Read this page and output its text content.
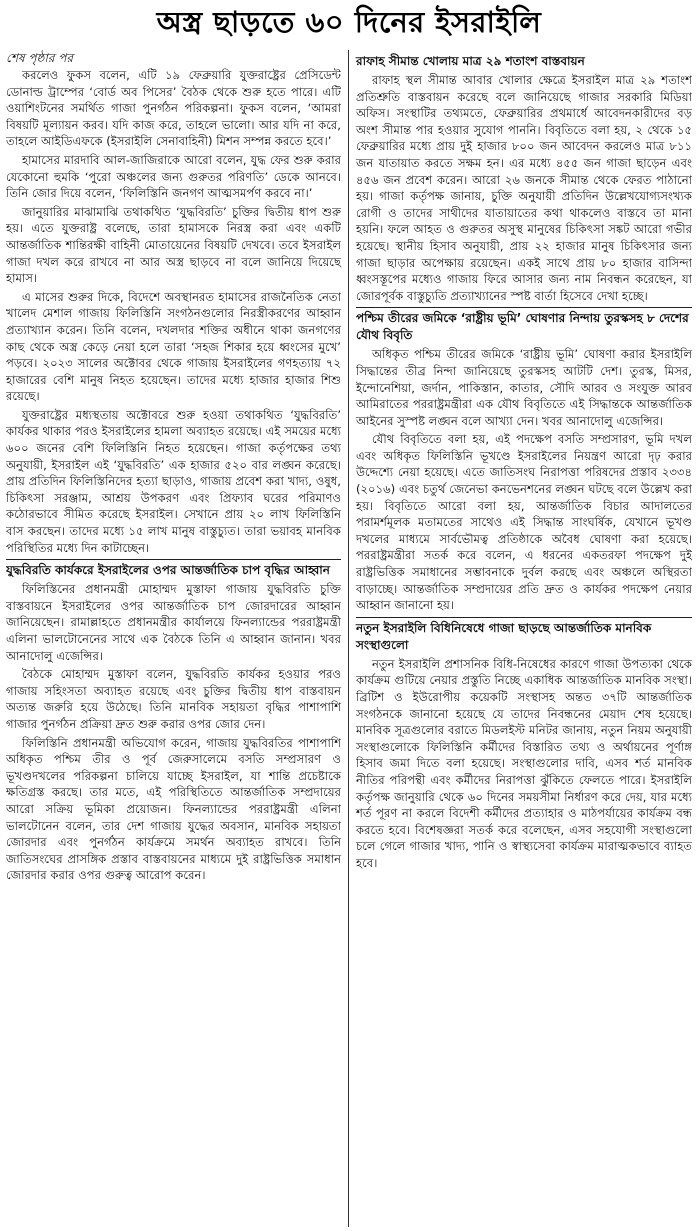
অস্ত্র ছাড়তে ৬০ দিনের ইসরাইলি
শেষ পৃষ্ঠার পর

করলেও ফুকস বলেন, এটি ১৯ ফেব্রুয়ারি যুক্তরাষ্ট্রের প্রেসিডেন্ট ডোনাল্ড ট্রাম্পের ‘বোর্ড অব পিসের’ বৈঠক থেকে শুরু হতে পারে। এটি ওয়াশিংটনের সমর্থিত গাজা পুনর্গঠন পরিকল্পনা। ফুকস বলেন, ‘আমরা বিষয়টি মূল্যায়ন করব। যদি কাজ করে, তাহলে ভালো। আর যদি না করে, তাহলে আইডিএফকে (ইসরাইলি সেনাবাহিনী) মিশন সম্পন্ন করতে হবে।’

হামাসের মারদাবি আল-জাজিরাকে আরো বলেন, যুদ্ধ ফের শুরু করার যেকোনো হুমকি ‘পুরো অঞ্চলের জন্য গুরুতর পরিণতি’ ডেকে আনবে। তিনি জোর দিয়ে বলেন, ‘ফিলিস্তিনি জনগণ আত্মসমর্পণ করবে না।’

জানুয়ারির মাঝামাঝি তথাকথিত ‘যুদ্ধবিরতি’ চুক্তির দ্বিতীয় ধাপ শুরু হয়। এতে যুক্তরাষ্ট্র বলেছে, তারা হামাসকে নিরস্ত্র করা এবং একটি আন্তর্জাতিক শান্তিরক্ষী বাহিনী মোতায়েনের বিষয়টি দেখবে। তবে ইসরাইল গাজা দখল করে রাখবে না আর অস্ত্র ছাড়বে না বলে জানিয়ে দিয়েছে হামাস।

এ মাসের শুরুর দিকে, বিদেশে অবস্থানরত হামাসের রাজনৈতিক নেতা খালেদ মেশাল গাজায় ফিলিস্তিনি সংগঠনগুলোর নিরস্ত্রীকরণের আহ্বান প্রত্যাখ্যান করেন। তিনি বলেন, দখলদার শক্তির অধীনে থাকা জনগণের কাছ থেকে অস্ত্র কেড়ে নেয়া হলে তারা ‘সহজ শিকার হয়ে ধ্বংসের মুখে’ পড়বে। ২০২৩ সালের অক্টোবর থেকে গাজায় ইসরাইলের গণহত্যায় ৭২ হাজারের বেশি মানুষ নিহত হয়েছেন। তাদের মধ্যে হাজার হাজার শিশু রয়েছে।

যুক্তরাষ্ট্রের মধ্যস্থতায় অক্টোবরে শুরু হওয়া তথাকথিত ‘যুদ্ধবিরতি’ কার্যকর থাকার পরও ইসরাইলের হামলা অব্যাহত রয়েছে। এই সময়ের মধ্যে ৬০০ জনের বেশি ফিলিস্তিনি নিহত হয়েছেন। গাজা কর্তৃপক্ষের তথ্য অনুযায়ী, ইসরাইল এই ‘যুদ্ধবিরতি’ এক হাজার ৫২০ বার লঙ্ঘন করেছে। প্রায় প্রতিদিন ফিলিস্তিনিদের হত্যা ছাড়াও, গাজায় প্রবেশ করা খাদ্য, ওষুধ, চিকিৎসা সরঞ্জাম, আশ্রয় উপকরণ এবং প্রিফ্যাব ঘরের পরিমাণও কঠোরভাবে সীমিত করেছে ইসরাইল। সেখানে প্রায় ২০ লাখ ফিলিস্তিনি বাস করছেন। তাদের মধ্যে ১৫ লাখ মানুষ বাস্তুচ্যুত। তারা ভয়াবহ মানবিক পরিস্থিতির মধ্যে দিন কাটাচ্ছেন।

যুদ্ধবিরতি কার্যকরে ইসরাইলের ওপর আন্তর্জাতিক চাপ বৃদ্ধির আহ্বান

ফিলিস্তিনের প্রধানমন্ত্রী মোহাম্মদ মুস্তাফা গাজায় যুদ্ধবিরতি চুক্তি বাস্তবায়নে ইসরাইলের ওপর আন্তর্জাতিক চাপ জোরদারের আহ্বান জানিয়েছেন। রামাল্লাহতে প্রধানমন্ত্রীর কার্যালয়ে ফিনল্যান্ডের পররাষ্ট্রমন্ত্রী এলিনা ভালটোনেনের সাথে এক বৈঠকে তিনি এ আহ্বান জানান। খবর আনাদোলু এজেন্সির।

বৈঠকে মোহাম্মদ মুস্তাফা বলেন, যুদ্ধবিরতি কার্যকর হওয়ার পরও গাজায় সহিংসতা অব্যাহত রয়েছে এবং চুক্তির দ্বিতীয় ধাপ বাস্তবায়ন অত্যন্ত জরুরি হয়ে উঠেছে। তিনি মানবিক সহায়তা বৃদ্ধির পাশাপাশি গাজার পুনর্গঠন প্রক্রিয়া দ্রুত শুরু করার ওপর জোর দেন।

ফিলিস্তিনি প্রধানমন্ত্রী অভিযোগ করেন, গাজায় যুদ্ধবিরতির পাশাপাশি অধিকৃত পশ্চিম তীর ও পূর্ব জেরুসালেমে বসতি সম্প্রসারণ ও ভূখণ্ডদখলের পরিকল্পনা চালিয়ে যাচ্ছে ইসরাইল, যা শান্তি প্রচেষ্টাকে ক্ষতিগ্রস্ত করছে। তার মতে, এই পরিস্থিতিতে আন্তর্জাতিক সম্প্রদায়ের আরো সক্রিয় ভূমিকা প্রয়োজন। ফিনল্যান্ডের পররাষ্ট্রমন্ত্রী এলিনা ভালটোনেন বলেন, তার দেশ গাজায় যুদ্ধের অবসান, মানবিক সহায়তা জোরদার এবং পুনর্গঠন কার্যক্রমে সমর্থন অব্যাহত রাখবে। তিনি জাতিসংঘের প্রাসঙ্গিক প্রস্তাব বাস্তবায়নের মাধ্যমে দুই রাষ্ট্রভিত্তিক সমাধান জোরদার করার ওপর গুরুত্ব আরোপ করেন।

রাফাহ সীমান্ত খোলায় মাত্র ২৯ শতাংশ বাস্তবায়ন

রাফাহ স্থল সীমান্ত আবার খোলার ক্ষেত্রে ইসরাইল মাত্র ২৯ শতাংশ প্রতিশ্রুতি বাস্তবায়ন করেছে বলে জানিয়েছে গাজার সরকারি মিডিয়া অফিস। সংস্থাটির তথ্যমতে, ফেব্রুয়ারির প্রথমার্ধে আবেদনকারীদের বড় অংশ সীমান্ত পার হওয়ার সুযোগ পাননি। বিবৃতিতে বলা হয়, ২ থেকে ১৫ ফেব্রুয়ারির মধ্যে প্রায় দুই হাজার ৮০০ জন আবেদন করলেও মাত্র ৮১১ জন যাতায়াত করতে সক্ষম হন। এর মধ্যে ৪৫৫ জন গাজা ছাড়েন এবং ৪৫৬ জন প্রবেশ করেন। আরো ২৬ জনকে সীমান্ত থেকে ফেরত পাঠানো হয়। গাজা কর্তৃপক্ষ জানায়, চুক্তি অনুযায়ী প্রতিদিন উল্লেখযোগ্যসংখ্যক রোগী ও তাদের সাথীদের যাতায়াতের কথা থাকলেও বাস্তবে তা মানা হয়নি। ফলে আহত ও গুরুতর অসুস্থ মানুষের চিকিৎসা সঙ্কট আরো গভীর হয়েছে। স্থানীয় হিসাব অনুযায়ী, প্রায় ২২ হাজার মানুষ চিকিৎসার জন্য গাজা ছাড়ার অপেক্ষায় রয়েছেন। একই সাথে প্রায় ৮০ হাজার বাসিন্দা ধ্বংসস্তূপের মধ্যেও গাজায় ফিরে আসার জন্য নাম নিবন্ধন করেছেন, যা জোরপূর্বক বাস্তুচ্যুতি প্রত্যাখ্যানের স্পষ্ট বার্তা হিসেবে দেখা হচ্ছে।

পশ্চিম তীরের জমিকে ‘রাষ্ট্রীয় ভূমি’ ঘোষণার নিন্দায় তুরস্কসহ ৮ দেশের যৌথ বিবৃতি

অধিকৃত পশ্চিম তীরের জমিকে ‘রাষ্ট্রীয় ভূমি’ ঘোষণা করার ইসরাইলি সিদ্ধান্তের তীব্র নিন্দা জানিয়েছে তুরস্কসহ আটটি দেশ। তুরস্ক, মিসর, ইন্দোনেশিয়া, জর্দান, পাকিস্তান, কাতার, সৌদি আরব ও সংযুক্ত আরব আমিরাতের পররাষ্ট্রমন্ত্রীরা এক যৌথ বিবৃতিতে এই সিদ্ধান্তকে আন্তর্জাতিক আইনের সুস্পষ্ট লঙ্ঘন বলে আখ্যা দেন। খবর আনাদোলু এজেন্সির।

যৌথ বিবৃতিতে বলা হয়, এই পদক্ষেপ বসতি সম্প্রসারণ, ভূমি দখল এবং অধিকৃত ফিলিস্তিনি ভূখণ্ডে ইসরাইলের নিয়ন্ত্রণ আরো দৃঢ় করার উদ্দেশ্যে নেয়া হয়েছে। এতে জাতিসংঘ নিরাপত্তা পরিষদের প্রস্তাব ২৩৩৪ (২০১৬) এবং চতুর্থ জেনেভা কনভেনশনের লঙ্ঘন ঘটছে বলে উল্লেখ করা হয়। বিবৃতিতে আরো বলা হয়, আন্তর্জাতিক বিচার আদালতের পরামর্শমূলক মতামতের সাথেও এই সিদ্ধান্ত সাংঘর্ষিক, যেখানে ভূখণ্ড দখলের মাধ্যমে সার্বভৌমত্ব প্রতিষ্ঠাকে অবৈধ ঘোষণা করা হয়েছে। পররাষ্ট্রমন্ত্রীরা সতর্ক করে বলেন, এ ধরনের একতরফা পদক্ষেপ দুই রাষ্ট্রভিত্তিক সমাধানের সম্ভাবনাকে দুর্বল করছে এবং অঞ্চলে অস্থিরতা বাড়াচ্ছে। আন্তর্জাতিক সম্প্রদায়ের প্রতি দ্রুত ও কার্যকর পদক্ষেপ নেয়ার আহ্বান জানানো হয়।

নতুন ইসরাইলি বিধিনিষেধে গাজা ছাড়ছে আন্তর্জাতিক মানবিক সংস্থাগুলো

নতুন ইসরাইলি প্রশাসনিক বিধি-নিষেধের কারণে গাজা উপত্যকা থেকে কার্যক্রম গুটিয়ে নেয়ার প্রস্তুতি নিচ্ছে একাধিক আন্তর্জাতিক মানবিক সংস্থা। ব্রিটিশ ও ইউরোপীয় কয়েকটি সংস্থাসহ অন্তত ৩৭টি আন্তর্জাতিক সংগঠনকে জানানো হয়েছে যে তাদের নিবন্ধনের মেয়াদ শেষ হয়েছে। মানবিক সূত্রগুলোর বরাতে মিডলইস্ট মনিটর জানায়, নতুন নিয়ম অনুযায়ী সংস্থাগুলোকে ফিলিস্তিনি কর্মীদের বিস্তারিত তথ্য ও অর্থায়নের পূর্ণাঙ্গ হিসাব জমা দিতে বলা হয়েছে। সংস্থাগুলোর দাবি, এসব শর্ত মানবিক নীতির পরিপন্থী এবং কর্মীদের নিরাপত্তা ঝুঁকিতে ফেলতে পারে। ইসরাইলি কর্তৃপক্ষ জানুয়ারি থেকে ৬০ দিনের সময়সীমা নির্ধারণ করে দেয়, যার মধ্যে শর্ত পূরণ না করলে বিদেশী কর্মীদের প্রত্যাহার ও মাঠপর্যায়ের কার্যক্রম বন্ধ করতে হবে। বিশেষজ্ঞরা সতর্ক করে বলেছেন, এসব সহযোগী সংস্থাগুলো চলে গেলে গাজার খাদ্য, পানি ও স্বাস্থ্যসেবা কার্যক্রম মারাত্মকভাবে ব্যাহত হবে।
